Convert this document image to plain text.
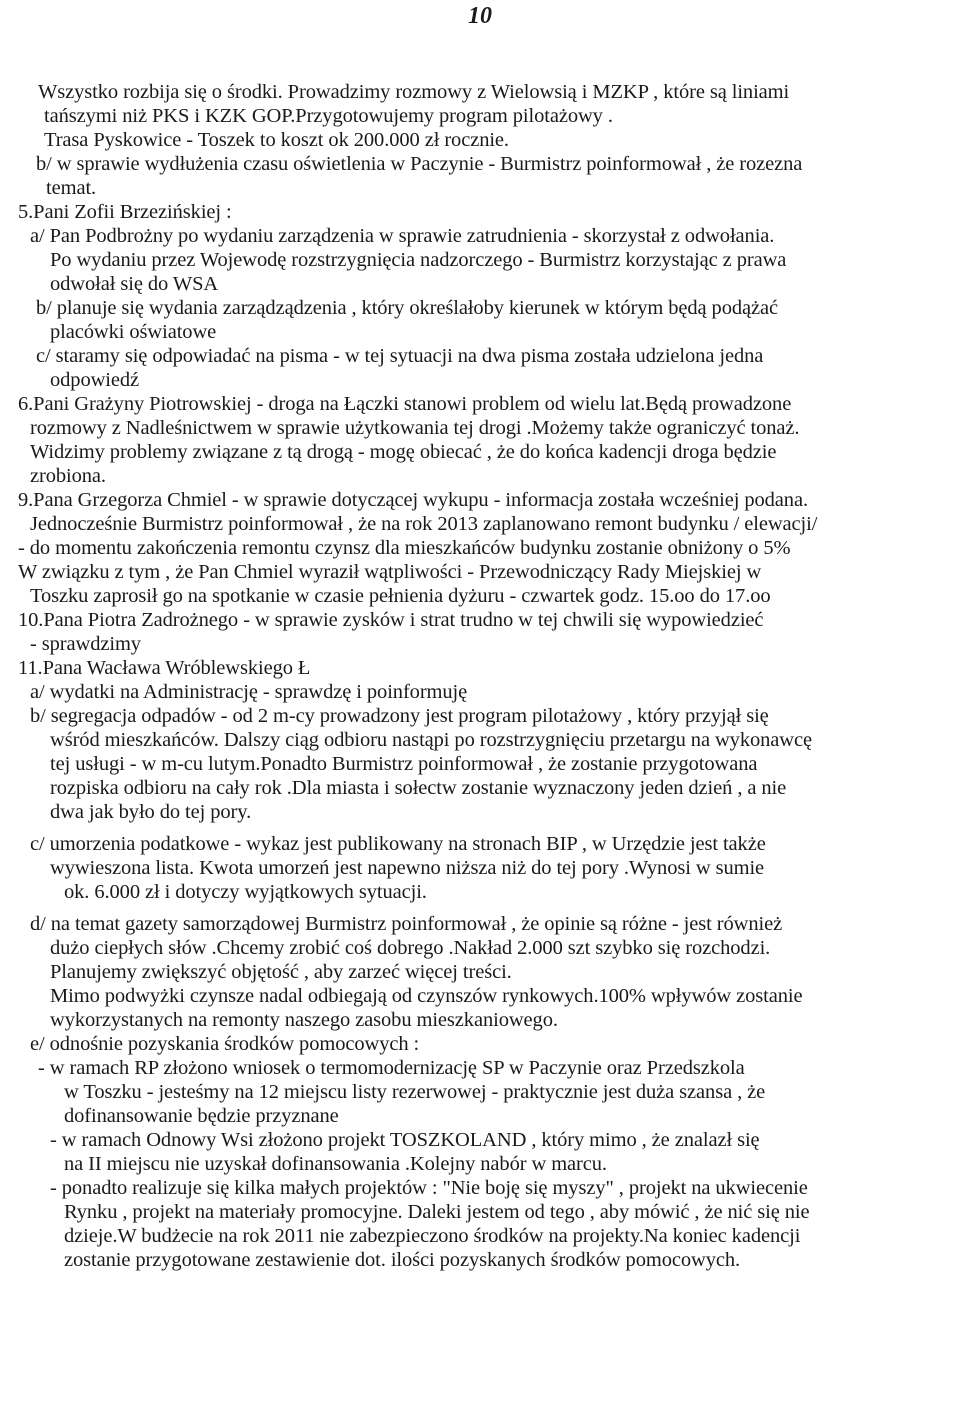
10
Wszystko rozbija się o środki. Prowadzimy rozmowy z Wielowsią i MZKP , które są liniami
tańszymi niż PKS i KZK GOP.Przygotowujemy program pilotażowy .
Trasa Pyskowice - Toszek to koszt ok 200.000 zł rocznie.
b/ w sprawie wydłużenia czasu oświetlenia w Paczynie - Burmistrz poinformował , że rozezna
temat.
5.Pani Zofii Brzezińskiej :
a/ Pan Podbrożny po wydaniu zarządzenia w sprawie zatrudnienia - skorzystał z odwołania.
Po wydaniu przez Wojewodę rozstrzygnięcia nadzorczego - Burmistrz korzystając z prawa
odwołał się do WSA
b/ planuje się wydania zarządządzenia , który określałoby kierunek w którym będą podążać
placówki oświatowe
c/ staramy się odpowiadać na pisma - w tej sytuacji na dwa pisma została udzielona jedna
odpowiedź
6.Pani Grażyny Piotrowskiej - droga na Łączki stanowi problem od wielu lat.Będą prowadzone
rozmowy z Nadleśnictwem w sprawie użytkowania tej drogi .Możemy także ograniczyć tonaż.
Widzimy problemy związane z tą drogą - mogę obiecać , że do końca kadencji droga będzie
zrobiona.
9.Pana Grzegorza Chmiel - w sprawie dotyczącej wykupu - informacja została wcześniej podana.
Jednocześnie Burmistrz poinformował , że na rok 2013 zaplanowano remont budynku / elewacji/
- do momentu zakończenia remontu czynsz dla mieszkańców budynku zostanie obniżony o 5%
W związku z tym , że Pan Chmiel wyraził wątpliwości - Przewodniczący Rady Miejskiej w
Toszku zaprosił go na spotkanie w czasie pełnienia dyżuru - czwartek godz. 15.oo do 17.oo
10.Pana Piotra Zadrożnego - w sprawie zysków i strat trudno w tej chwili się wypowiedzieć
- sprawdzimy
11.Pana Wacława Wróblewskiego Ł
a/ wydatki na Administrację - sprawdzę i poinformuję
b/ segregacja odpadów - od 2 m-cy prowadzony jest program pilotażowy , który przyjął się
wśród mieszkańców. Dalszy ciąg odbioru nastąpi po rozstrzygnięciu przetargu na wykonawcę
tej usługi - w m-cu lutym.Ponadto Burmistrz poinformował , że zostanie przygotowana
rozpiska odbioru na cały rok .Dla miasta i sołectw zostanie wyznaczony jeden dzień , a nie
dwa jak było do tej pory.
c/ umorzenia podatkowe - wykaz jest publikowany na stronach BIP , w Urzędzie jest także
wywieszona lista. Kwota umorzeń jest napewno niższa niż do tej pory .Wynosi w sumie
ok. 6.000 zł i dotyczy wyjątkowych sytuacji.
d/ na temat gazety samorządowej Burmistrz poinformował , że opinie są różne - jest również
dużo ciepłych słów .Chcemy zrobić coś dobrego .Nakład 2.000 szt szybko się rozchodzi.
Planujemy zwiększyć objętość , aby zarzeć więcej treści.
Mimo podwyżki czynsze nadal odbiegają od czynszów rynkowych.100% wpływów zostanie
wykorzystanych na remonty naszego zasobu mieszkaniowego.
e/ odnośnie pozyskania środków pomocowych :
- w ramach RP złożono wniosek o termomodernizację SP w Paczynie oraz Przedszkola
w Toszku - jesteśmy na 12 miejscu listy rezerwowej - praktycznie jest duża szansa , że
dofinansowanie będzie przyznane
- w ramach Odnowy Wsi złożono projekt TOSZKOLAND , który mimo , że znalazł się
na II miejscu nie uzyskał dofinansowania .Kolejny nabór w marcu.
- ponadto realizuje się kilka małych projektów : "Nie boję się myszy" , projekt na ukwiecenie
Rynku , projekt na materiały promocyjne. Daleki jestem od tego , aby mówić , że nić się nie
dzieje.W budżecie na rok 2011 nie zabezpieczono środków na projekty.Na koniec kadencji
zostanie przygotowane zestawienie dot. ilości pozyskanych środków pomocowych.
